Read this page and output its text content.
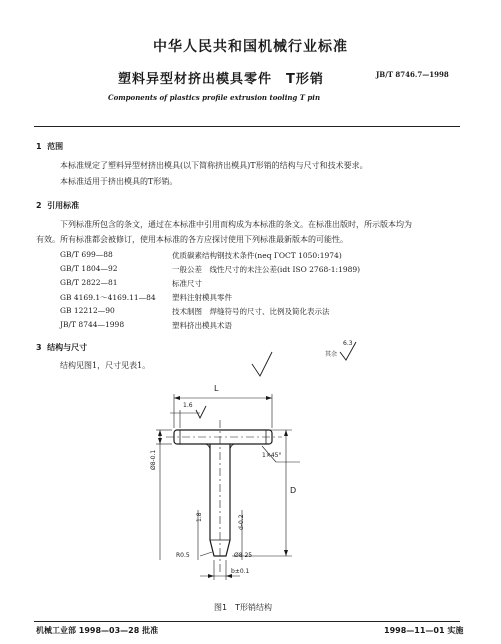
中华人民共和国机械行业标准
塑料异型材挤出模具零件　T形销	JB/T 8746.7—1998
Components of plastics profile extrusion tooling T pin
1 范围
本标准规定了塑料异型材挤出模具(以下简称挤出模具)T形销的结构与尺寸和技术要求。
本标准适用于挤出模具的T形销。
2 引用标准
下列标准所包含的条文，通过在本标准中引用而构成为本标准的条文。在标准出版时，所示版本均为
有效。所有标准都会被修订，使用本标准的各方应探讨使用下列标准最新版本的可能性。
GB/T 699—88	优质碳素结构钢技术条件(neq ГОСТ 1050:1974)
GB/T 1804—92	一般公差　线性尺寸的未注公差(idt ISO 2768-1:1989)
GB/T 2822—81	标准尺寸
GB 4169.1～4169.11—84	塑料注射模具零件
GB 12212—90	技术制图　焊缝符号的尺寸、比例及简化表示法
JB/T 8744—1998	塑料挤出模具术语
3 结构与尺寸
结构见图1，尺寸见表1。
L
1.6
D
1×45°
Ø8-0.1
d-0.2
1.8
R0.5	Ø8 25
b±0.1
其余
6.3
图1　T形销结构
机械工业部 1998—03—28 批准	1998—11—01 实施
